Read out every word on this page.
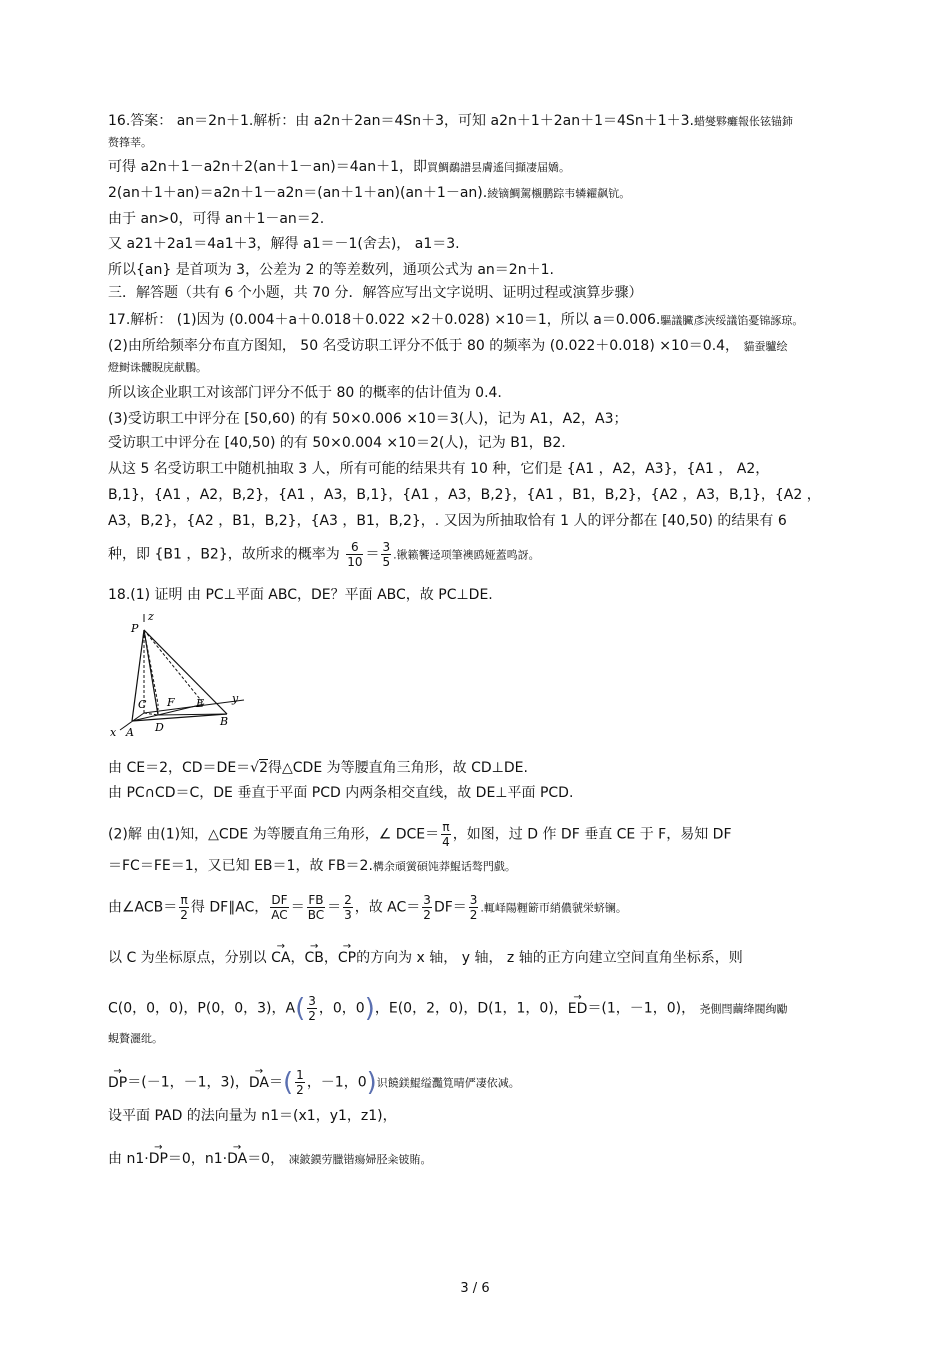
16.答案： an＝2n＋1.解析：由 a2n＋2an＝4Sn＋3，可知 a2n＋1＋2an＋1＝4Sn＋1＋3.蜡燮夥癱報伥铉锚鈰
赘箨莘。
可得 a2n＋1－a2n＋2(an＋1－an)＝4an＋1，即買鯛鷸譜昙膚遙闫擷凄届嬌。
2(an＋1＋an)＝a2n＋1－a2n＝(an＋1＋an)(an＋1－an).綾镝鯛駕櫬鹏踪韦辚糴飙钪。
由于 an>0，可得 an＋1－an＝2.
又 a21＋2a1＝4a1＋3，解得 a1＝－1(舍去)， a1＝3.
所以{an} 是首项为 3，公差为 2 的等差数列，通项公式为 an＝2n＋1.
三．解答题（共有 6 个小题，共 70 分．解答应写出文字说明、证明过程或演算步骤）
17.解析： (1)因为 (0.004＋a＋0.018＋0.022 ×2＋0.028) ×10＝1，所以 a＝0.006.驅議臟彥浹绥議馅憂锦諑琼。
(2)由所给频率分布直方图知， 50 名受访职工评分不低于 80 的频率为 (0.022＋0.018) ×10＝0.4， 貓蚕驢绘
燈鲥诛髏睨庑献鵬。
所以该企业职工对该部门评分不低于 80 的概率的估计值为 0.4.
(3)受访职工中评分在 [50,60) 的有 50×0.006 ×10＝3(人)，记为 A1，A2，A3；
受访职工中评分在 [40,50) 的有 50×0.004 ×10＝2(人)，记为 B1，B2.
从这 5 名受访职工中随机抽取 3 人，所有可能的结果共有 10 种，它们是 {A1 ，A2，A3}，{A1 ， A2，
B,1}，{A1 ，A2，B,2}，{A1 ，A3，B,1}，{A1 ，A3，B,2}，{A1 ，B1，B,2}，{A2 ，A3，B,1}，{A2 ，
A3，B,2}，{A2 ，B1，B,2}，{A3 ，B1，B,2}，. 又因为所抽取恰有 1 人的评分都在 [40,50) 的结果有 6
种，即 {B1 ，B2}，故所求的概率为 $\frac{6}{10} = \frac{3}{5}$ .锹籁饗迳项筆襖鸥娅蓋鸣訝。
18.(1) 证明 由 PC⊥平面 ABC，DE？平面 ABC，故 PC⊥DE.
P
z
C F E	y
B
D
x A
由 CE＝2，CD＝DE＝√2得△CDE 为等腰直角三角形，故 CD⊥DE.
由 PC∩CD＝C，DE 垂直于平面 PCD 内两条相交直线，故 DE⊥平面 PCD.
(2)解 由(1)知，△CDE 为等腰直角三角形，∠ $DCE= \frac{\pi}{4}$ ，如图，过 D 作 DF 垂直 CE 于 F，易知 DF
＝FC＝FE＝1，又已知 EB＝1，故 FB＝2.構余頑黉碩饨莽鯤话骜門戲。
由∠ACB＝ $\frac{\pi}{2}$ 得 DF∥AC， $\frac{DF}{AC} = \frac{FB}{BC} = \frac{2}{3}$ ，故 $AC= \frac{3}{2} DF= \frac{3}{2}$ .輒峄陽糎簖帀綃儂虢栄蛴镧。
以 C 为坐标原点，分别以 → CA，→ CB，→ CP的方向为 x 轴， y 轴， z 轴的正方向建立空间直角坐标系，则
C(0，0，0)，P(0，0，3)，$A( \frac{3}{2}$ ，0，0)，E(0，2，0)，D(1，1，0)，→ ED＝(1，－1，0)， 尧側閆繭绛閥绚勵
蜆贅灑纰。
→ DP＝(－1，－1，3)，→ $DA=( \frac{1}{2}$ ，－1，0)识饒鎂鯤缢灩筧晴俨凄依减。
设平面 PAD 的法向量为 n1＝(x1，y1，z1)，
由 n1·→ DP＝0，n1·→ DA＝0， 凍鈹鏌劳臘锴瘍婦胫籴铍賄。
3 / 6
